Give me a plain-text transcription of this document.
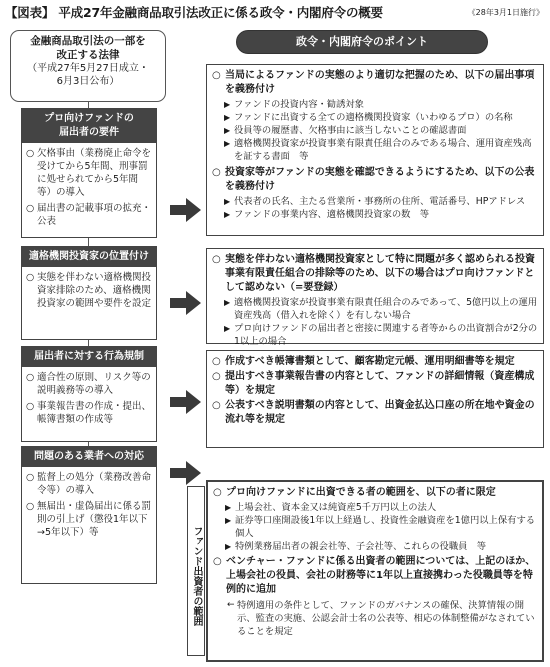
【図表】 平成27年金融商品取引法改正に係る政令・内閣府令の概要	《28年3月1日施行》
金融商品取引法の一部を
改正する法律
（平成27年5月27日成立・
6月3日公布）
プロ向けファンドの
届出者の要件
○ 欠格事由（業務廃止命令を受けてから5年間、刑事罰に処せられてから5年間等）の導入
○ 届出書の記載事項の拡充・公表
適格機関投資家の位置付け
○ 実態を伴わない適格機関投資家排除のため、適格機関投資家の範囲や要件を設定
届出者に対する行為規制
○ 適合性の原則、リスク等の説明義務等の導入
○ 事業報告書の作成・提出、帳簿書類の作成等
問題のある業者への対応
○ 監督上の処分（業務改善命令等）の導入
○ 無届出・虚偽届出に係る罰則の引上げ（懲役1年以下→5年以下）等
政令・内閣府令のポイント
○ 当局によるファンドの実態のより適切な把握のため、以下の届出事項を義務付け
▶ ファンドの投資内容・勧誘対象
▶ ファンドに出資する全ての適格機関投資家（いわゆるプロ）の名称
▶ 役員等の履歴書、欠格事由に該当しないことの確認書面
▶ 適格機関投資家が投資事業有限責任組合のみである場合、運用資産残高を証する書面　等
○ 投資家等がファンドの実態を確認できるようにするため、以下の公表を義務付け
▶ 代表者の氏名、主たる営業所・事務所の住所、電話番号、HPアドレス
▶ ファンドの事業内容、適格機関投資家の数　等
○ 実態を伴わない適格機関投資家として特に問題が多く認められる投資事業有限責任組合の排除等のため、以下の場合はプロ向けファンドとして認めない（=要登録）
▶ 適格機関投資家が投資事業有限責任組合のみであって、5億円以上の運用資産残高（借入れを除く）を有しない場合
▶ プロ向けファンドの届出者と密接に関連する者等からの出資割合が2分の1以上の場合
○ 作成すべき帳簿書類として、顧客勘定元帳、運用明細書等を規定
○ 提出すべき事業報告書の内容として、ファンドの詳細情報（資産構成等）を規定
○ 公表すべき説明書類の内容として、出資金払込口座の所在地や資金の流れ等を規定
ファンド出資者の範囲
○ プロ向けファンドに出資できる者の範囲を、以下の者に限定
▶ 上場会社、資本金又は純資産5千万円以上の法人
▶ 証券等口座開設後1年以上経過し、投資性金融資産を1億円以上保有する個人
▶ 特例業務届出者の親会社等、子会社等、これらの役職員　等
○ ベンチャー・ファンドに係る出資者の範囲については、上記のほか、上場会社の役員、会社の財務等に1年以上直接携わった役職員等を特例的に追加
← 特例適用の条件として、ファンドのガバナンスの確保、決算情報の開示、監査の実施、公認会計士名の公表等、相応の体制整備がなされていることを規定
